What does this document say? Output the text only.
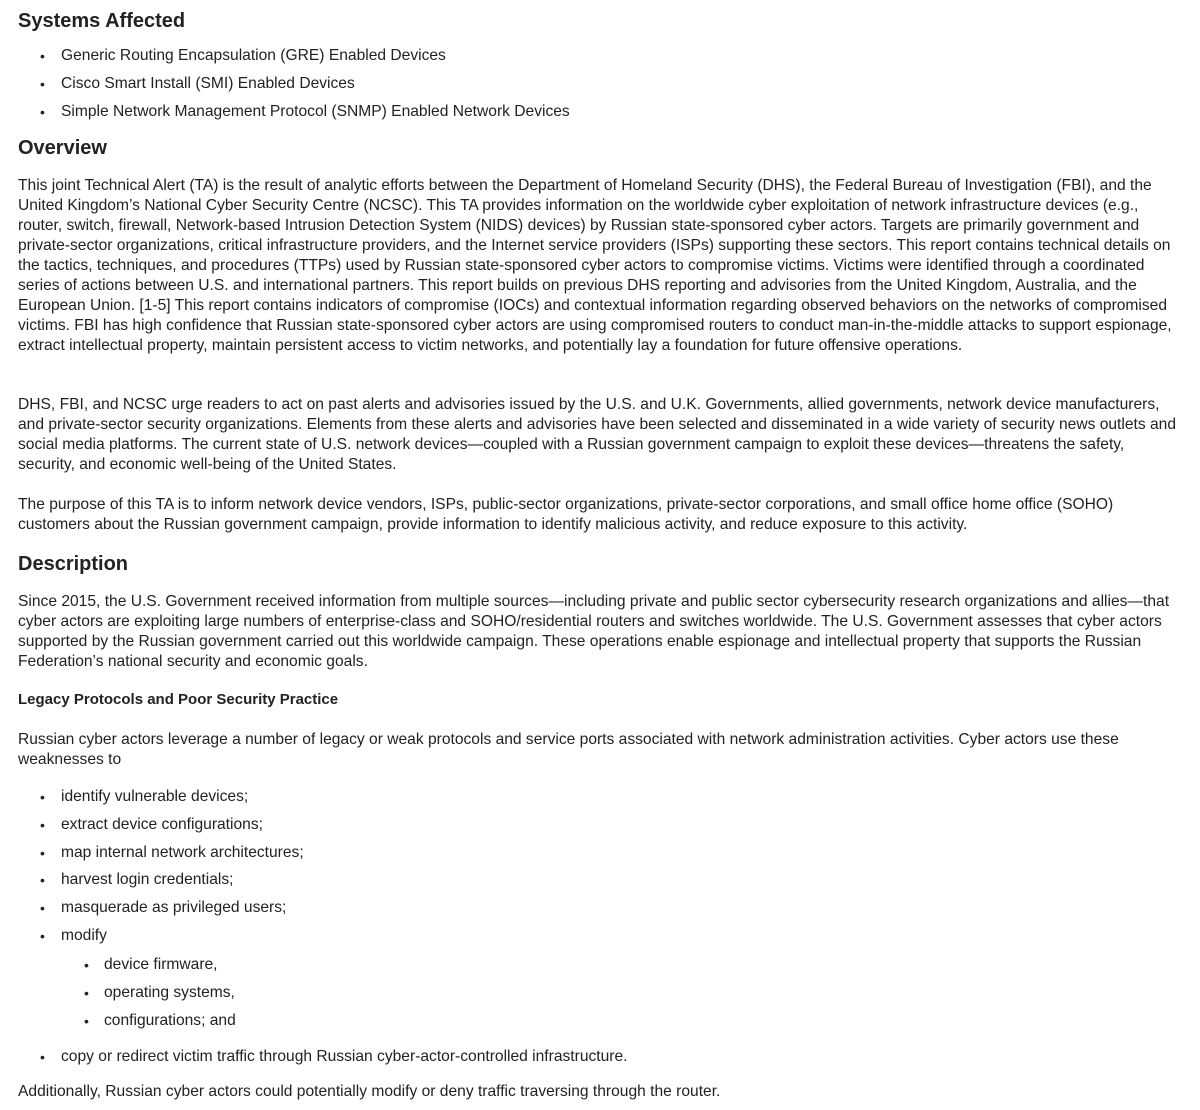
Systems Affected
• Generic Routing Encapsulation (GRE) Enabled Devices
• Cisco Smart Install (SMI) Enabled Devices
• Simple Network Management Protocol (SNMP) Enabled Network Devices
Overview

This joint Technical Alert (TA) is the result of analytic efforts between the Department of Homeland Security (DHS), the Federal Bureau of Investigation (FBI), and the United Kingdom’s National Cyber Security Centre (NCSC). This TA provides information on the worldwide cyber exploitation of network infrastructure devices (e.g., router, switch, firewall, Network-based Intrusion Detection System (NIDS) devices) by Russian state-sponsored cyber actors. Targets are primarily government and private-sector organizations, critical infrastructure providers, and the Internet service providers (ISPs) supporting these sectors. This report contains technical details on the tactics, techniques, and procedures (TTPs) used by Russian state-sponsored cyber actors to compromise victims. Victims were identified through a coordinated series of actions between U.S. and international partners. This report builds on previous DHS reporting and advisories from the United Kingdom, Australia, and the European Union. [1-5] This report contains indicators of compromise (IOCs) and contextual information regarding observed behaviors on the networks of compromised victims. FBI has high confidence that Russian state-sponsored cyber actors are using compromised routers to conduct man-in-the-middle attacks to support espionage, extract intellectual property, maintain persistent access to victim networks, and potentially lay a foundation for future offensive operations.

DHS, FBI, and NCSC urge readers to act on past alerts and advisories issued by the U.S. and U.K. Governments, allied governments, network device manufacturers, and private-sector security organizations. Elements from these alerts and advisories have been selected and disseminated in a wide variety of security news outlets and social media platforms. The current state of U.S. network devices—coupled with a Russian government campaign to exploit these devices—threatens the safety, security, and economic well-being of the United States.

The purpose of this TA is to inform network device vendors, ISPs, public-sector organizations, private-sector corporations, and small office home office (SOHO) customers about the Russian government campaign, provide information to identify malicious activity, and reduce exposure to this activity.

Description

Since 2015, the U.S. Government received information from multiple sources—including private and public sector cybersecurity research organizations and allies—that cyber actors are exploiting large numbers of enterprise-class and SOHO/residential routers and switches worldwide. The U.S. Government assesses that cyber actors supported by the Russian government carried out this worldwide campaign. These operations enable espionage and intellectual property that supports the Russian Federation’s national security and economic goals.

Legacy Protocols and Poor Security Practice

Russian cyber actors leverage a number of legacy or weak protocols and service ports associated with network administration activities. Cyber actors use these weaknesses to

• identify vulnerable devices;
• extract device configurations;
• map internal network architectures;
• harvest login credentials;
• masquerade as privileged users;
• modify
• device firmware,
• operating systems,
• configurations; and
• copy or redirect victim traffic through Russian cyber-actor-controlled infrastructure.

Additionally, Russian cyber actors could potentially modify or deny traffic traversing through the router.
